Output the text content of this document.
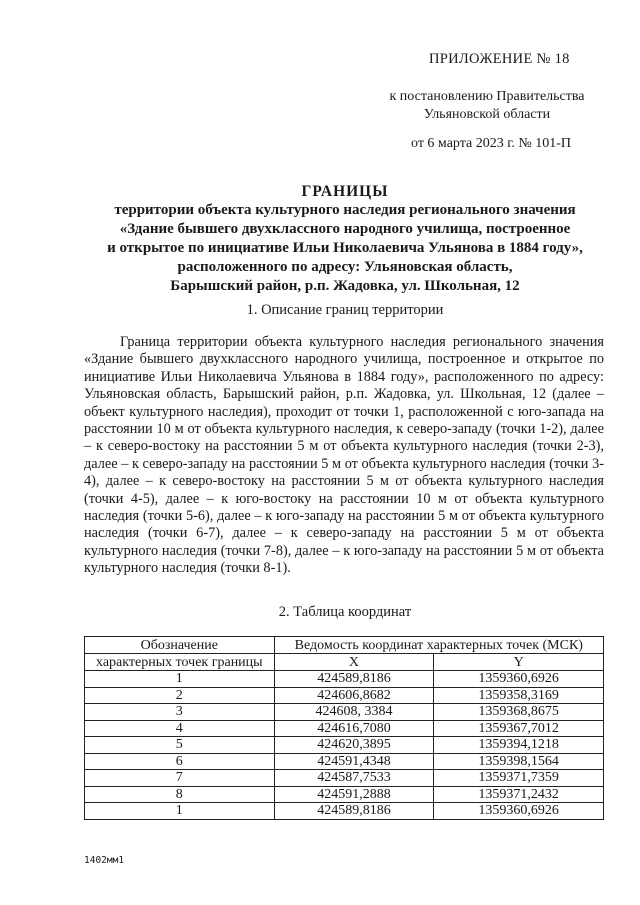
ПРИЛОЖЕНИЕ № 18
к постановлению Правительства
Ульяновской области
от 6 марта 2023 г. № 101-П
ГРАНИЦЫ
территории объекта культурного наследия регионального значения
«Здание бывшего двухклассного народного училища, построенное
и открытое по инициативе Ильи Николаевича Ульянова в 1884 году»,
расположенного по адресу: Ульяновская область,
Барышский район, р.п. Жадовка, ул. Школьная, 12
1. Описание границ территории
Граница территории объекта культурного наследия регионального значения «Здание бывшего двухклассного народного училища, построенное и открытое по инициативе Ильи Николаевича Ульянова в 1884 году», расположенного по адресу: Ульяновская область, Барышский район, р.п. Жадовка, ул. Школьная, 12 (далее – объект культурного наследия), проходит от точки 1, расположенной с юго-запада на расстоянии 10 м от объекта культурного наследия, к северо-западу (точки 1-2), далее – к северо-востоку на расстоянии 5 м от объекта культурного наследия (точки 2-3), далее – к северо-западу на расстоянии 5 м от объекта культурного наследия (точки 3-4), далее – к северо-востоку на расстоянии 5 м от объекта культурного наследия (точки 4-5), далее – к юго-востоку на расстоянии 10 м от объекта культурного наследия (точки 5-6), далее – к юго-западу на расстоянии 5 м от объекта культурного наследия (точки 6-7), далее – к северо-западу на расстоянии 5 м от объекта культурного наследия (точки 7-8), далее – к юго-западу на расстоянии 5 м от объекта культурного наследия (точки 8-1).
2. Таблица координат
Обозначение	Ведомость координат характерных точек (МСК)	
характерных точек границы	X	Y
1	424589,8186	1359360,6926
2	424606,8682	1359358,3169
3	424608, 3384	1359368,8675
4	424616,7080	1359367,7012
5	424620,3895	1359394,1218
6	424591,4348	1359398,1564
7	424587,7533	1359371,7359
8	424591,2888	1359371,2432
1	424589,8186	1359360,6926
1402мм1
